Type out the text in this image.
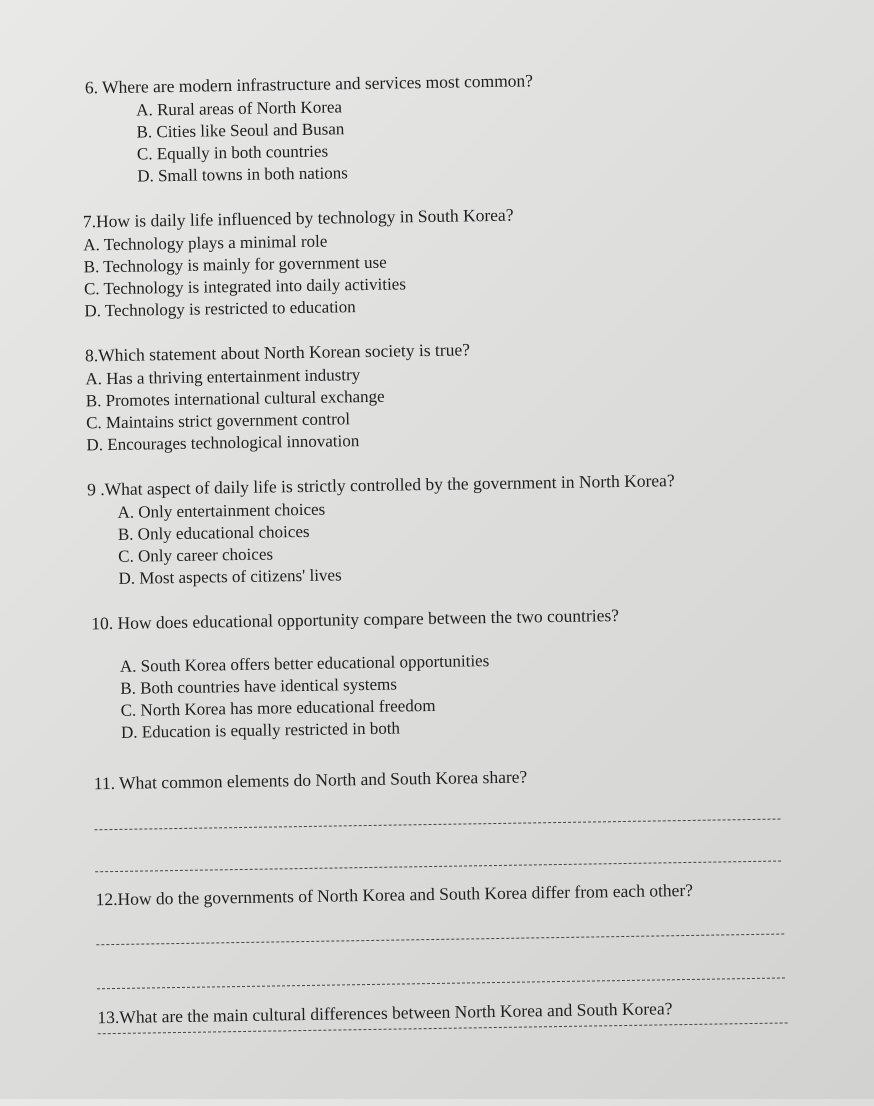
6. Where are modern infrastructure and services most common?
A. Rural areas of North Korea
B. Cities like Seoul and Busan
C. Equally in both countries
D. Small towns in both nations
7.How is daily life influenced by technology in South Korea?
A. Technology plays a minimal role
B. Technology is mainly for government use
C. Technology is integrated into daily activities
D. Technology is restricted to education
8.Which statement about North Korean society is true?
A. Has a thriving entertainment industry
B. Promotes international cultural exchange
C. Maintains strict government control
D. Encourages technological innovation
9 .What aspect of daily life is strictly controlled by the government in North Korea?
A. Only entertainment choices
B. Only educational choices
C. Only career choices
D. Most aspects of citizens' lives
10. How does educational opportunity compare between the two countries?
A. South Korea offers better educational opportunities
B. Both countries have identical systems
C. North Korea has more educational freedom
D. Education is equally restricted in both
11. What common elements do North and South Korea share?
12.How do the governments of North Korea and South Korea differ from each other?
13.What are the main cultural differences between North Korea and South Korea?
